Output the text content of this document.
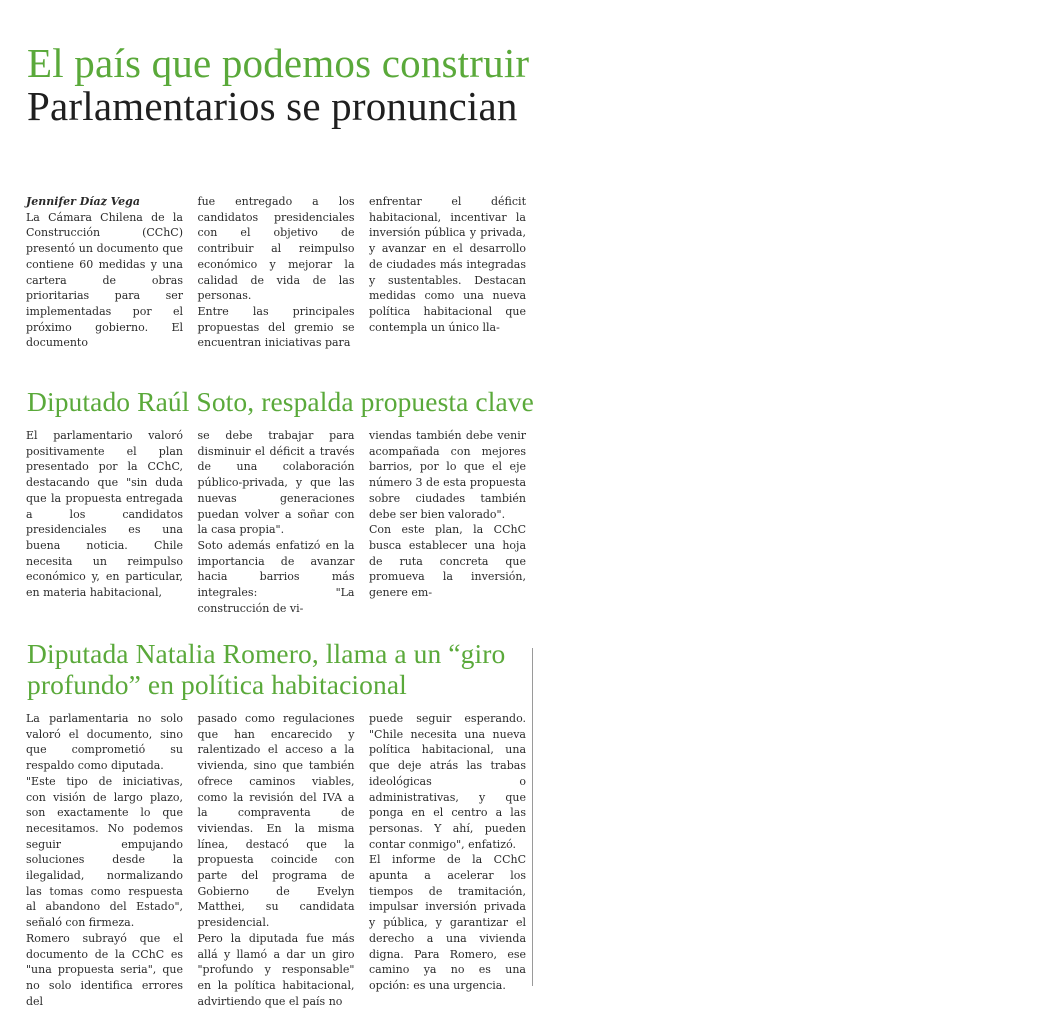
El país que podemos construir
Parlamentarios se pronuncian

Jennifer Díaz Vega

La Cámara Chilena de la Construcción (CChC) presentó un documento que contiene 60 medidas y una cartera de obras prioritarias para ser implementadas por el próximo gobierno. El documento

fue entregado a los candidatos presidenciales con el objetivo de contribuir al reimpulso económico y mejorar la calidad de vida de las personas.

Entre las principales propuestas del gremio se encuentran iniciativas para

enfrentar el déficit habitacional, incentivar la inversión pública y privada, y avanzar en el desarrollo de ciudades más integradas y sustentables. Destacan medidas como una nueva política habitacional que contempla un único lla-

Diputado Raúl Soto, respalda propuesta clave

El parlamentario valoró positivamente el plan presentado por la CChC, destacando que "sin duda que la propuesta entregada a los candidatos presidenciales es una buena noticia. Chile necesita un reimpulso económico y, en particular, en materia habitacional,

se debe trabajar para disminuir el déficit a través de una colaboración público-privada, y que las nuevas generaciones puedan volver a soñar con la casa propia".

Soto además enfatizó en la importancia de avanzar hacia barrios más integrales: "La construcción de vi-

viendas también debe venir acompañada con mejores barrios, por lo que el eje número 3 de esta propuesta sobre ciudades también debe ser bien valorado".

Con este plan, la CChC busca establecer una hoja de ruta concreta que promueva la inversión, genere em-

Diputada Natalia Romero, llama a un “giro profundo” en política habitacional

La parlamentaria no solo valoró el documento, sino que comprometió su respaldo como diputada.

"Este tipo de iniciativas, con visión de largo plazo, son exactamente lo que necesitamos. No podemos seguir empujando soluciones desde la ilegalidad, normalizando las tomas como respuesta al abandono del Estado", señaló con firmeza.

Romero subrayó que el documento de la CChC es "una propuesta seria", que no solo identifica errores del

pasado como regulaciones que han encarecido y ralentizado el acceso a la vivienda, sino que también ofrece caminos viables, como la revisión del IVA a la compraventa de viviendas. En la misma línea, destacó que la propuesta coincide con parte del programa de Gobierno de Evelyn Matthei, su candidata presidencial.

Pero la diputada fue más allá y llamó a dar un giro "profundo y responsable" en la política habitacional, advirtiendo que el país no

puede seguir esperando. "Chile necesita una nueva política habitacional, una que deje atrás las trabas ideológicas o administrativas, y que ponga en el centro a las personas. Y ahí, pueden contar conmigo", enfatizó.

El informe de la CChC apunta a acelerar los tiempos de tramitación, impulsar inversión privada y pública, y garantizar el derecho a una vivienda digna. Para Romero, ese camino ya no es una opción: es una urgencia.
